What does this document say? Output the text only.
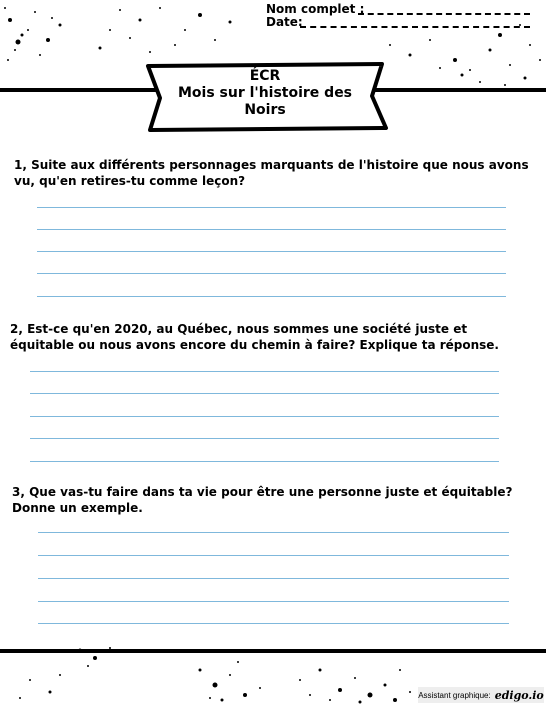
Nom complet :
Date:
ÉCR
Mois sur l'histoire des
Noirs
1, Suite aux différents personnages marquants de l'histoire que nous avons vu, qu'en retires-tu comme leçon?
2, Est-ce qu'en 2020, au Québec, nous sommes une société juste et équitable ou nous avons encore du chemin à faire? Explique ta réponse.
3, Que vas-tu faire dans ta vie pour être une personne juste et équitable? Donne un exemple.
Assistant graphique: edigo.io
